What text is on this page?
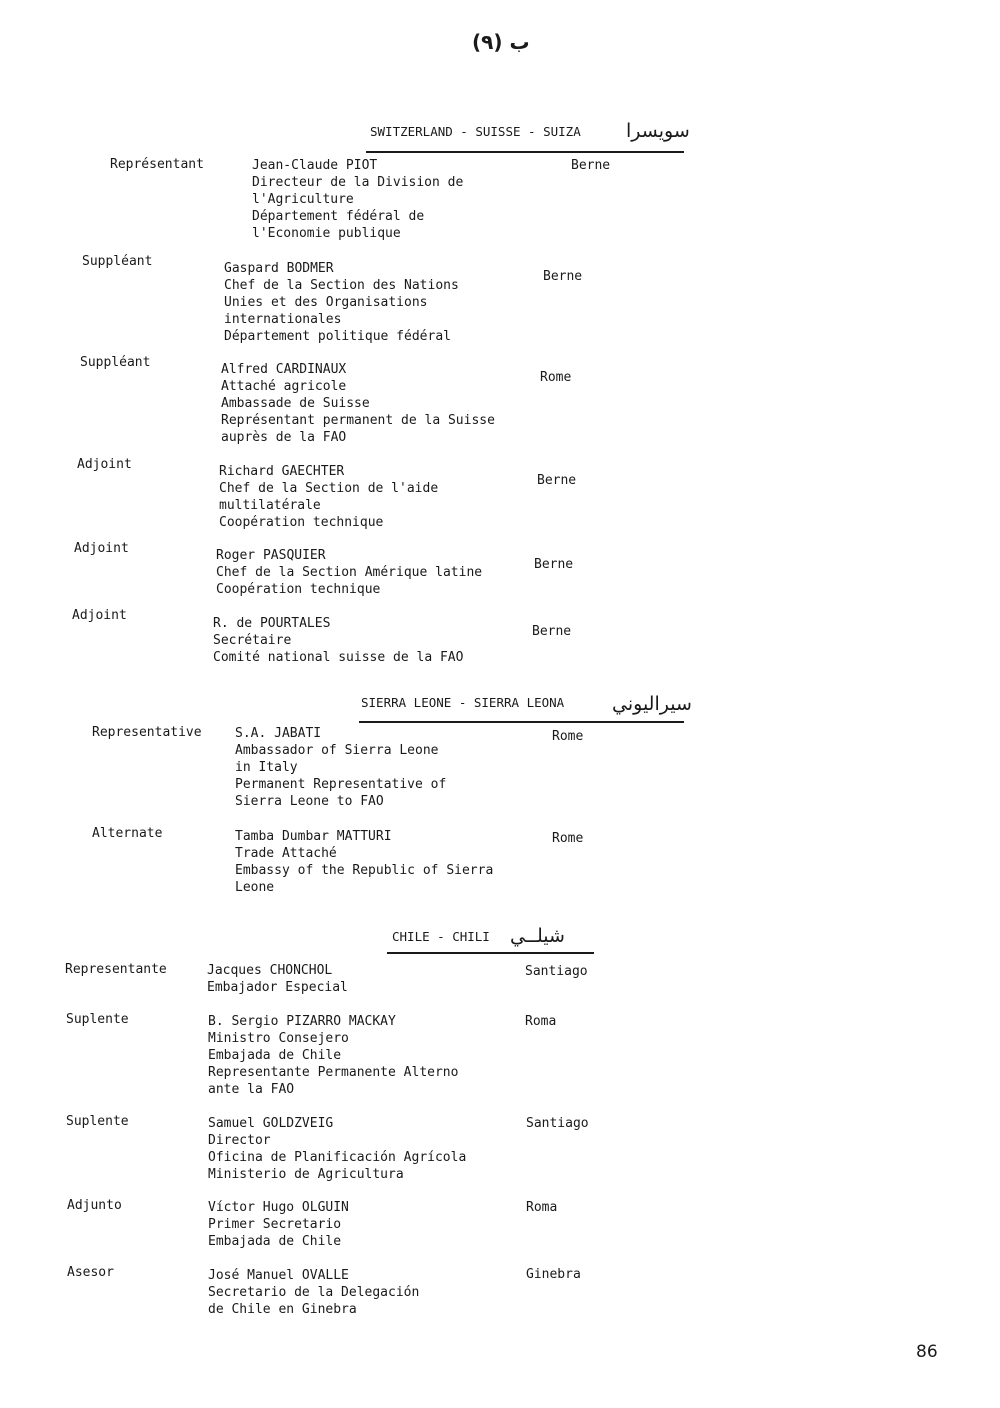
ب (٩)
SWITZERLAND - SUISSE - SUIZA سويسرا
Représentant	Jean-Claude PIOT
Directeur de la Division de
l'Agriculture
Département fédéral de
l'Economie publique
Berne
Suppléant	Gaspard BODMER
Chef de la Section des Nations
Unies et des Organisations
internationales
Département politique fédéral
Berne
Suppléant	Alfred CARDINAUX
Attaché agricole
Ambassade de Suisse
Représentant permanent de la Suisse
auprès de la FAO
Rome
Adjoint	Richard GAECHTER
Chef de la Section de l'aide
multilatérale
Coopération technique
Berne
Adjoint	Roger PASQUIER
Chef de la Section Amérique latine
Coopération technique
Berne
Adjoint
R. de POURTALES
Secrétaire
Comité national suisse de la FAO
Berne
SIERRA LEONE - SIERRA LEONA	سيراليوني
Representative	S.A. JABATI
Ambassador of Sierra Leone
in Italy
Permanent Representative of
Sierra Leone to FAO
Rome
Alternate	Tamba Dumbar MATTURI
Trade Attaché
Embassy of the Republic of Sierra
Leone
Rome
CHILE - CHILI شيلــي
Representante	Jacques CHONCHOL
Embajador Especial
Santiago
Suplente	B. Sergio PIZARRO MACKAY
Ministro Consejero
Embajada de Chile
Representante Permanente Alterno
ante la FAO
Roma
Suplente	Samuel GOLDZVEIG
Director
Oficina de Planificación Agrícola
Ministerio de Agricultura
Santiago
Adjunto	Víctor Hugo OLGUIN
Primer Secretario
Embajada de Chile
Roma
Asesor	José Manuel OVALLE
Secretario de la Delegación
de Chile en Ginebra
Ginebra
86
